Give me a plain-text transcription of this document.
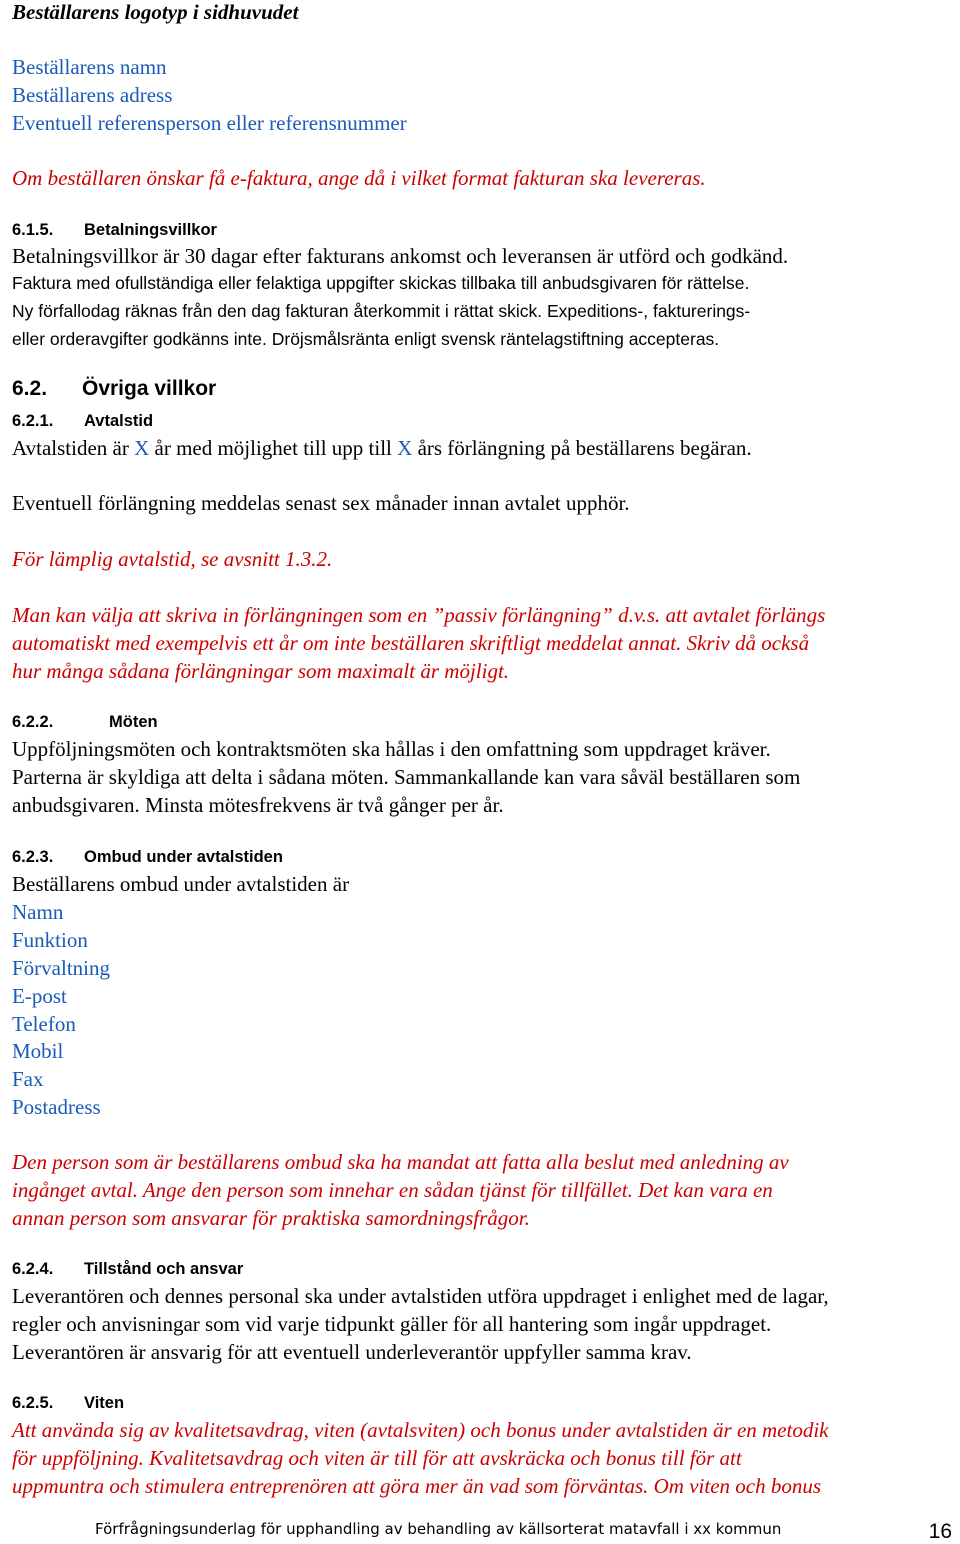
Beställarens logotyp i sidhuvudet
Beställarens namn
Beställarens adress
Eventuell referensperson eller referensnummer
Om beställaren önskar få e-faktura, ange då i vilket format fakturan ska levereras.
6.1.5. Betalningsvillkor
Betalningsvillkor är 30 dagar efter fakturans ankomst och leveransen är utförd och godkänd.
Faktura med ofullständiga eller felaktiga uppgifter skickas tillbaka till anbudsgivaren för rättelse.
Ny förfallodag räknas från den dag fakturan återkommit i rättat skick. Expeditions-, fakturerings-
eller orderavgifter godkänns inte. Dröjsmålsränta enligt svensk räntelagstiftning accepteras.
6.2. Övriga villkor
6.2.1. Avtalstid
Avtalstiden är X år med möjlighet till upp till X års förlängning på beställarens begäran.
Eventuell förlängning meddelas senast sex månader innan avtalet upphör.
För lämplig avtalstid, se avsnitt 1.3.2.
Man kan välja att skriva in förlängningen som en ”passiv förlängning” d.v.s. att avtalet förlängs
automatiskt med exempelvis ett år om inte beställaren skriftligt meddelat annat. Skriv då också
hur många sådana förlängningar som maximalt är möjligt.
6.2.2.	Möten
Uppföljningsmöten och kontraktsmöten ska hållas i den omfattning som uppdraget kräver.
Parterna är skyldiga att delta i sådana möten. Sammankallande kan vara såväl beställaren som
anbudsgivaren. Minsta mötesfrekvens är två gånger per år.
6.2.3. Ombud under avtalstiden
Beställarens ombud under avtalstiden är
Namn
Funktion
Förvaltning
E-post
Telefon
Mobil
Fax
Postadress
Den person som är beställarens ombud ska ha mandat att fatta alla beslut med anledning av
ingånget avtal. Ange den person som innehar en sådan tjänst för tillfället. Det kan vara en
annan person som ansvarar för praktiska samordningsfrågor.
6.2.4. Tillstånd och ansvar
Leverantören och dennes personal ska under avtalstiden utföra uppdraget i enlighet med de lagar,
regler och anvisningar som vid varje tidpunkt gäller för all hantering som ingår uppdraget.
Leverantören är ansvarig för att eventuell underleverantör uppfyller samma krav.
6.2.5. Viten
Att använda sig av kvalitetsavdrag, viten (avtalsviten) och bonus under avtalstiden är en metodik
för uppföljning. Kvalitetsavdrag och viten är till för att avskräcka och bonus till för att
uppmuntra och stimulera entreprenören att göra mer än vad som förväntas. Om viten och bonus
Förfrågningsunderlag för upphandling av behandling av källsorterat matavfall i xx kommun	16
